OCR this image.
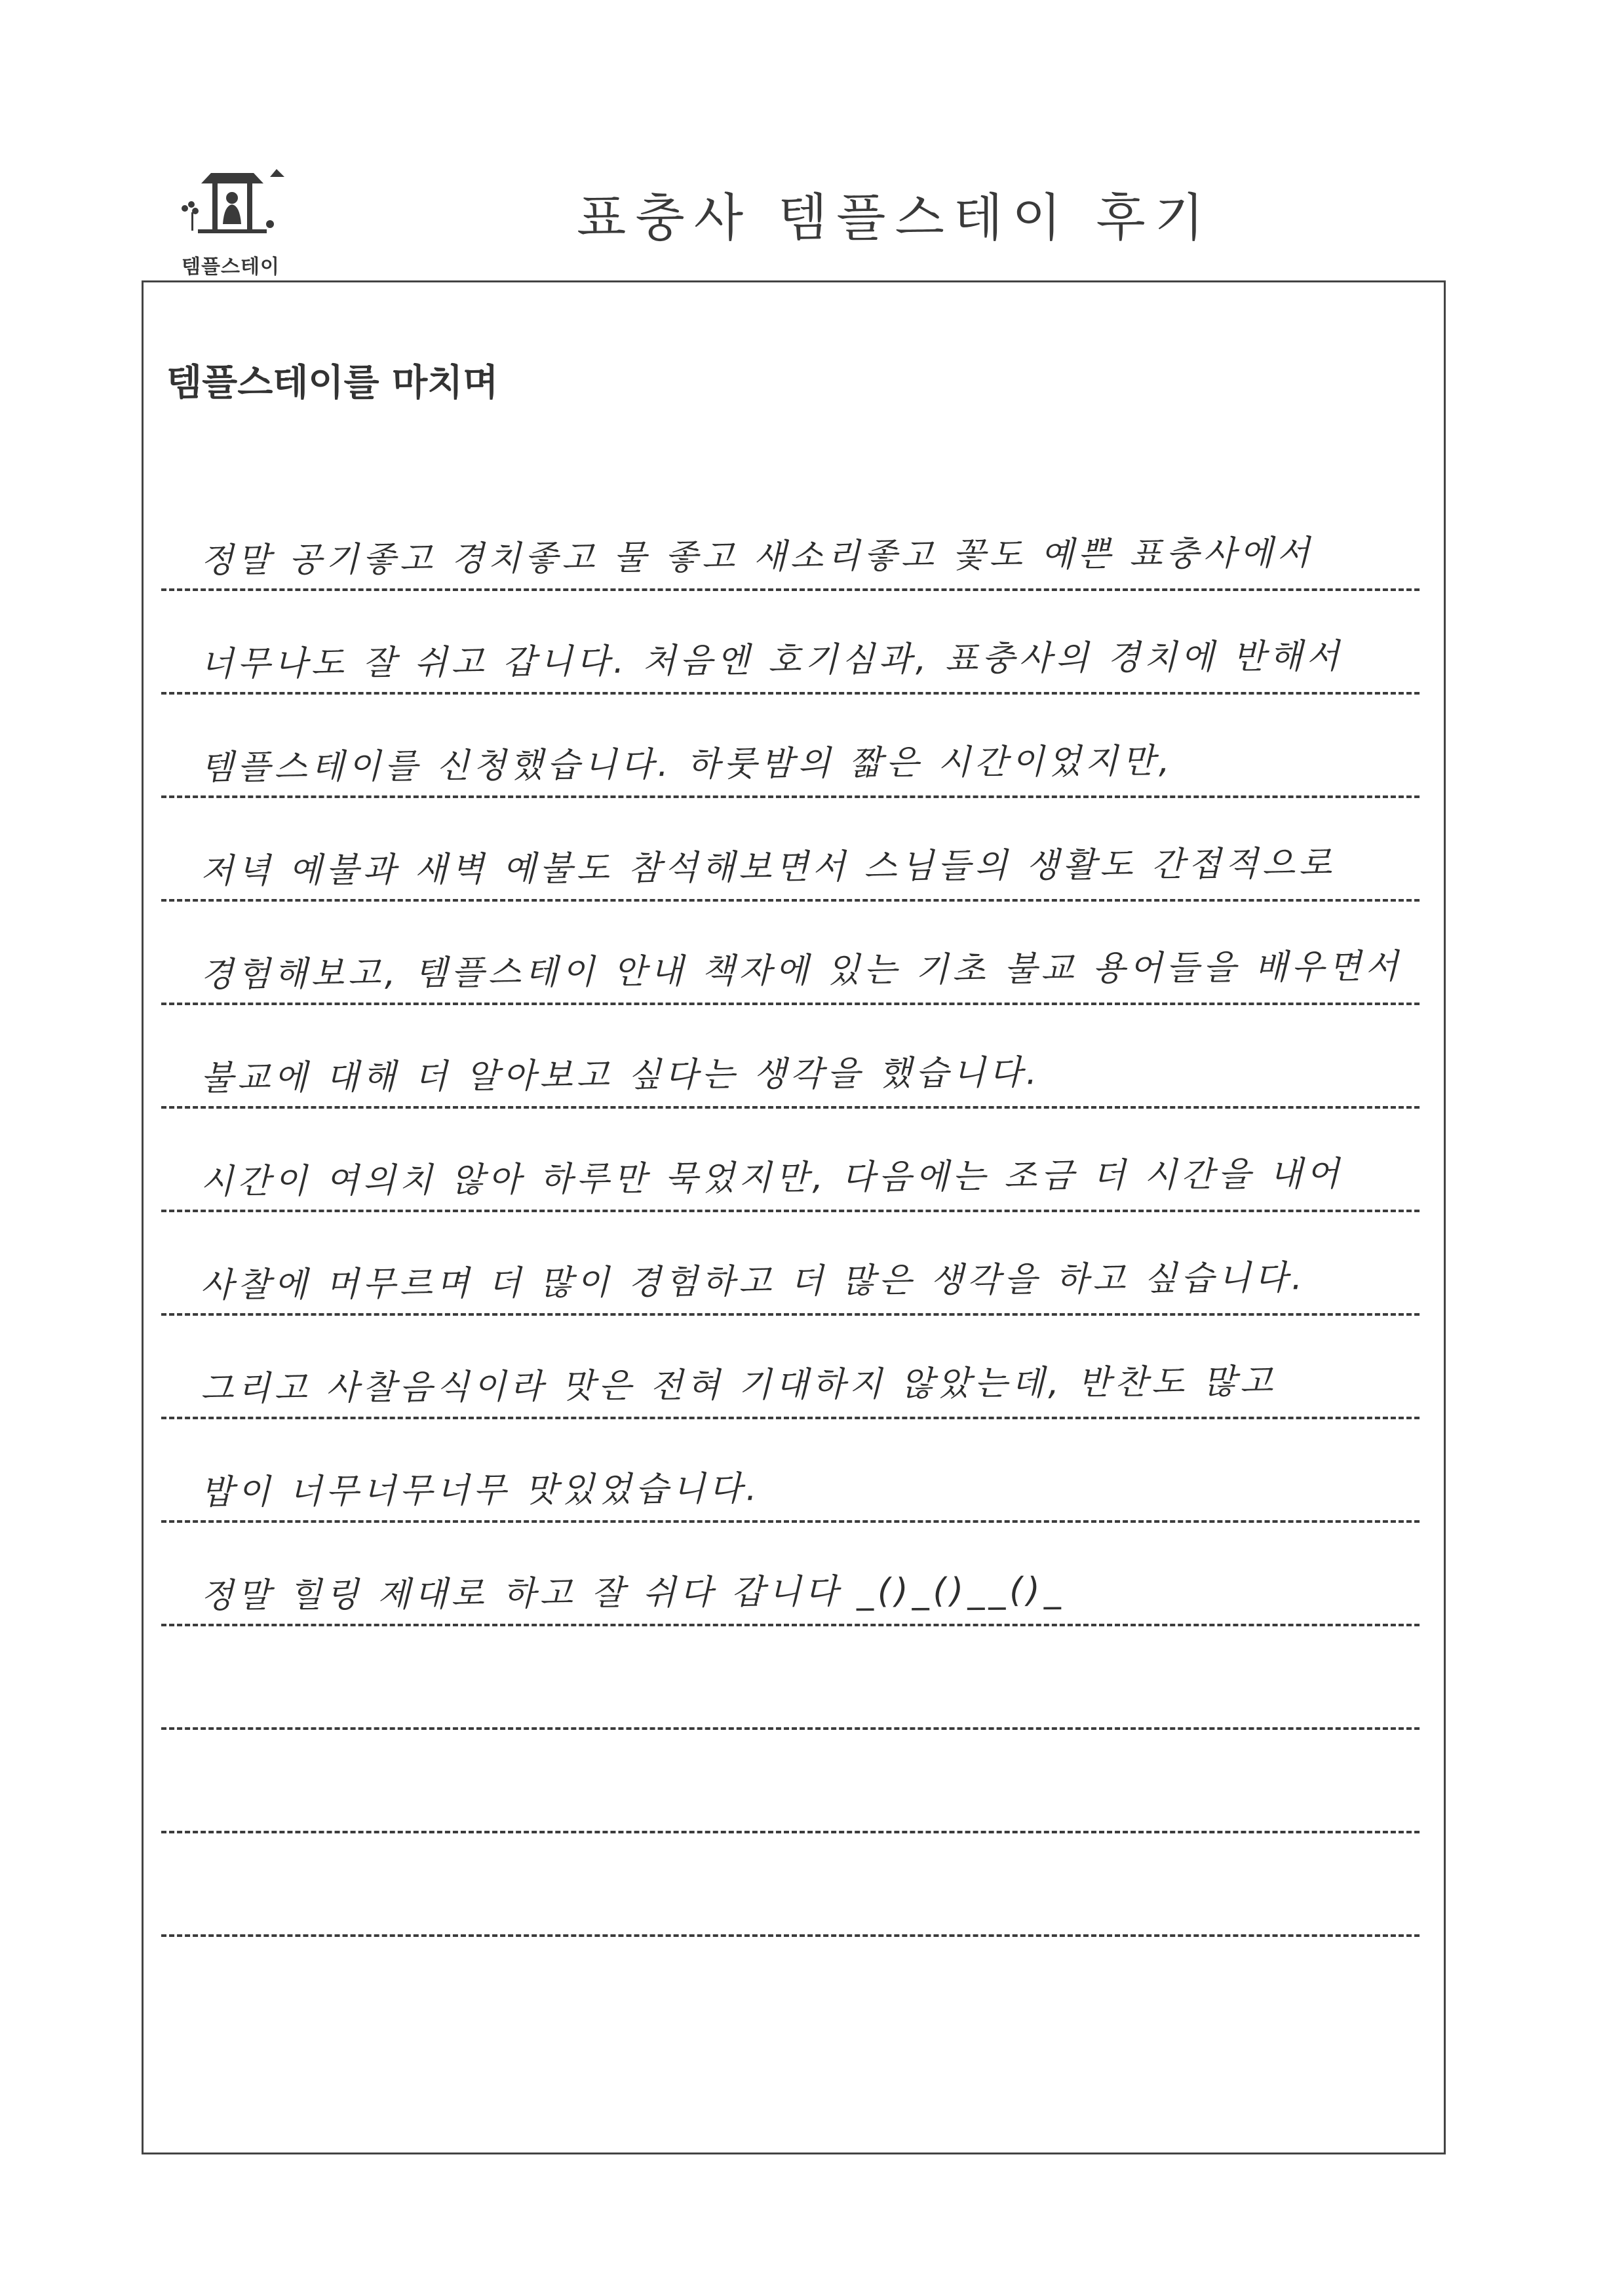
템플스테이
표충사 템플스테이 후기
템플스테이를 마치며
정말 공기좋고 경치좋고 물 좋고 새소리좋고 꽃도 예쁜 표충사에서
너무나도 잘 쉬고 갑니다. 처음엔 호기심과, 표충사의 경치에 반해서
템플스테이를 신청했습니다. 하룻밤의 짧은 시간이었지만,
저녁 예불과 새벽 예불도 참석해보면서 스님들의 생활도 간접적으로
경험해보고, 템플스테이 안내 책자에 있는 기초 불교 용어들을 배우면서
불교에 대해 더 알아보고 싶다는 생각을 했습니다.
시간이 여의치 않아 하루만 묵었지만, 다음에는 조금 더 시간을 내어
사찰에 머무르며 더 많이 경험하고 더 많은 생각을 하고 싶습니다.
그리고 사찰음식이라 맛은 전혀 기대하지 않았는데, 반찬도 많고
밥이 너무너무너무 맛있었습니다.
정말 힐링 제대로 하고 잘 쉬다 갑니다 _()_()__()_
